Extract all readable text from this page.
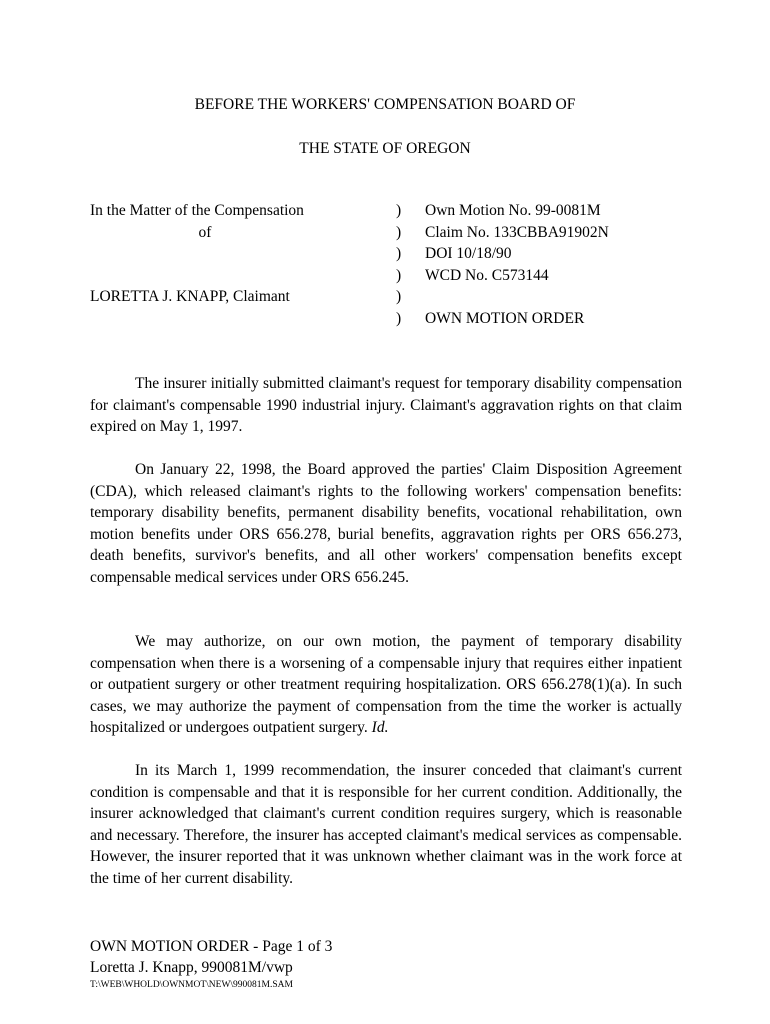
BEFORE THE WORKERS' COMPENSATION BOARD OF
THE STATE OF OREGON
In the Matter of the Compensation
of
LORETTA J. KNAPP, Claimant
)
)
)
)
)
)
Own Motion No. 99-0081M
Claim No. 133CBBA91902N
DOI 10/18/90
WCD No. C573144
OWN MOTION ORDER
The insurer initially submitted claimant's request for temporary disability compensation for claimant's compensable 1990 industrial injury. Claimant's aggravation rights on that claim expired on May 1, 1997.
On January 22, 1998, the Board approved the parties' Claim Disposition Agreement (CDA), which released claimant's rights to the following workers' compensation benefits: temporary disability benefits, permanent disability benefits, vocational rehabilitation, own motion benefits under ORS 656.278, burial benefits, aggravation rights per ORS 656.273, death benefits, survivor's benefits, and all other workers' compensation benefits except compensable medical services under ORS 656.245.
We may authorize, on our own motion, the payment of temporary disability compensation when there is a worsening of a compensable injury that requires either inpatient or outpatient surgery or other treatment requiring hospitalization. ORS 656.278(1)(a). In such cases, we may authorize the payment of compensation from the time the worker is actually hospitalized or undergoes outpatient surgery. Id.
In its March 1, 1999 recommendation, the insurer conceded that claimant's current condition is compensable and that it is responsible for her current condition. Additionally, the insurer acknowledged that claimant's current condition requires surgery, which is reasonable and necessary. Therefore, the insurer has accepted claimant's medical services as compensable. However, the insurer reported that it was unknown whether claimant was in the work force at the time of her current disability.
OWN MOTION ORDER - Page 1 of 3
Loretta J. Knapp, 990081M/vwp
T:\WEB\WHOLD\OWNMOT\NEW\990081M.SAM
